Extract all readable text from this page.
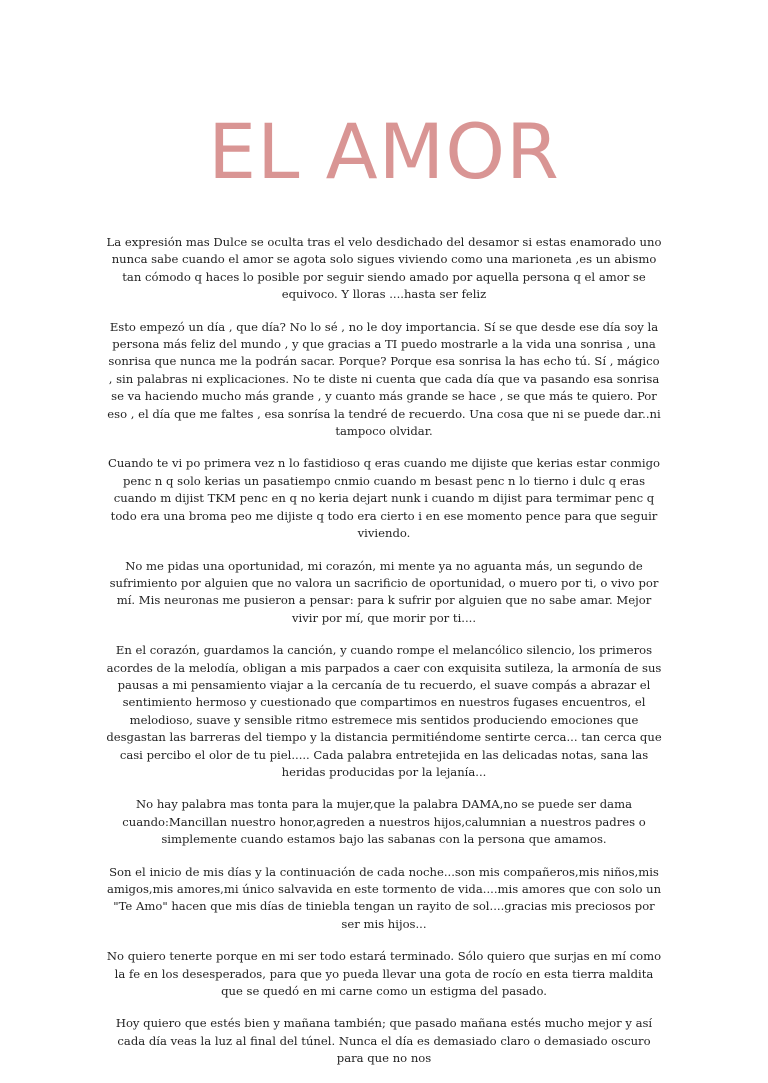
EL AMOR

La expresión mas Dulce se oculta tras el velo desdichado del desamor si estas enamorado uno nunca sabe cuando el amor se agota solo sigues viviendo como una marioneta ,es un abismo tan cómodo q haces lo posible por seguir siendo amado por aquella persona q el amor se equivoco. Y lloras ....hasta ser feliz

Esto empezó un día , que día? No lo sé , no le doy importancia. Sí se que desde ese día soy la persona más feliz del mundo , y que gracias a TI puedo mostrarle a la vida una sonrisa , una sonrisa que nunca me la podrán sacar. Porque? Porque esa sonrisa la has echo tú. Sí , mágico , sin palabras ni explicaciones. No te diste ni cuenta que cada día que va pasando esa sonrisa se va haciendo mucho más grande , y cuanto más grande se hace , se que más te quiero. Por eso , el día que me faltes , esa sonrísa la tendré de recuerdo. Una cosa que ni se puede dar..ni tampoco olvidar.

Cuando te vi po primera vez n lo fastidioso q eras cuando me dijiste que kerias estar conmigo penc n q solo kerias un pasatiempo cnmio cuando m besast penc n lo tierno i dulc q eras cuando m dijist TKM penc en q no keria dejart nunk i cuando m dijist para termimar penc q todo era una broma peo me dijiste q todo era cierto i en ese momento pence para que seguir viviendo.

No me pidas una oportunidad, mi corazón, mi mente ya no aguanta más, un segundo de sufrimiento por alguien que no valora un sacrificio de oportunidad, o muero por ti, o vivo por mí. Mis neuronas me pusieron a pensar: para k sufrir por alguien que no sabe amar. Mejor vivir por mí, que morir por ti....

En el corazón, guardamos la canción, y cuando rompe el melancólico silencio, los primeros acordes de la melodía, obligan a mis parpados a caer con exquisita sutileza, la armonía de sus pausas a mi pensamiento viajar a la cercanía de tu recuerdo, el suave compás a abrazar el sentimiento hermoso y cuestionado que compartimos en nuestros fugases encuentros, el melodioso, suave y sensible ritmo estremece mis sentidos produciendo emociones que desgastan las barreras del tiempo y la distancia permitiéndome sentirte cerca... tan cerca que casi percibo el olor de tu piel..... Cada palabra entretejida en las delicadas notas, sana las heridas producidas por la lejanía...

No hay palabra mas tonta para la mujer,que la palabra DAMA,no se puede ser dama cuando:Mancillan nuestro honor,agreden a nuestros hijos,calumnian a nuestros padres o simplemente cuando estamos bajo las sabanas con la persona que amamos.

Son el inicio de mis días y la continuación de cada noche...son mis compañeros,mis niños,mis amigos,mis amores,mi único salvavida en este tormento de vida....mis amores que con solo un "Te Amo" hacen que mis días de tiniebla tengan un rayito de sol....gracias mis preciosos por ser mis hijos...

No quiero tenerte porque en mi ser todo estará terminado. Sólo quiero que surjas en mí como la fe en los desesperados, para que yo pueda llevar una gota de rocío en esta tierra maldita que se quedó en mi carne como un estigma del pasado.

Hoy quiero que estés bien y mañana también; que pasado mañana estés mucho mejor y así cada día veas la luz al final del túnel. Nunca el día es demasiado claro o demasiado oscuro para que no nos
